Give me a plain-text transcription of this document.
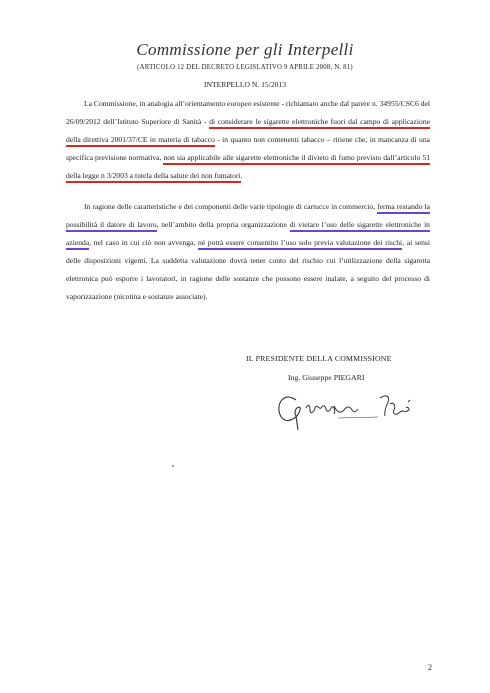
Commissione per gli Interpelli
(ARTICOLO 12 DEL DECRETO LEGISLATIVO 9 APRILE 2008, N. 81)
INTERPELLO N. 15/2013
La Commissione, in analogia all’orientamento europeo esistente - richiamato anche dal parere n. 34955/CSC6 del 26/09/2012 dell’Istituto Superiore di Sanità - di considerare le sigarette elettroniche fuori dal campo di applicazione della direttiva 2001/37/CE in materia di tabacco - in quanto non contenenti tabacco – ritiene che, in mancanza di una specifica previsione normativa, non sia applicabile alle sigarette elettroniche il divieto di fumo previsto dall’articolo 51 della legge n 3/2003 a tutela della salute dei non fumatori.
In ragione delle caratteristiche e dei componenti delle varie tipologie di cartucce in commercio, ferma restando la possibilità il datore di lavoro, nell’ambito della propria organizzazione di vietare l’uso delle sigarette elettroniche in azienda, nel caso in cui ciò non avvenga, né potrà essere consentito l’uso solo previa valutazione dei rischi, ai sensi delle disposizioni vigenti. La suddetta valutazione dovrà tener conto del rischio cui l’utilizzazione della sigaretta elettronica può esporre i lavoratori, in ragione delle sostanze che possono essere inalate, a seguito del processo di vaporizzazione (nicotina e sostanze associate).
IL PRESIDENTE DELLA COMMISSIONE
Ing. Giuseppe PIEGARI
2
